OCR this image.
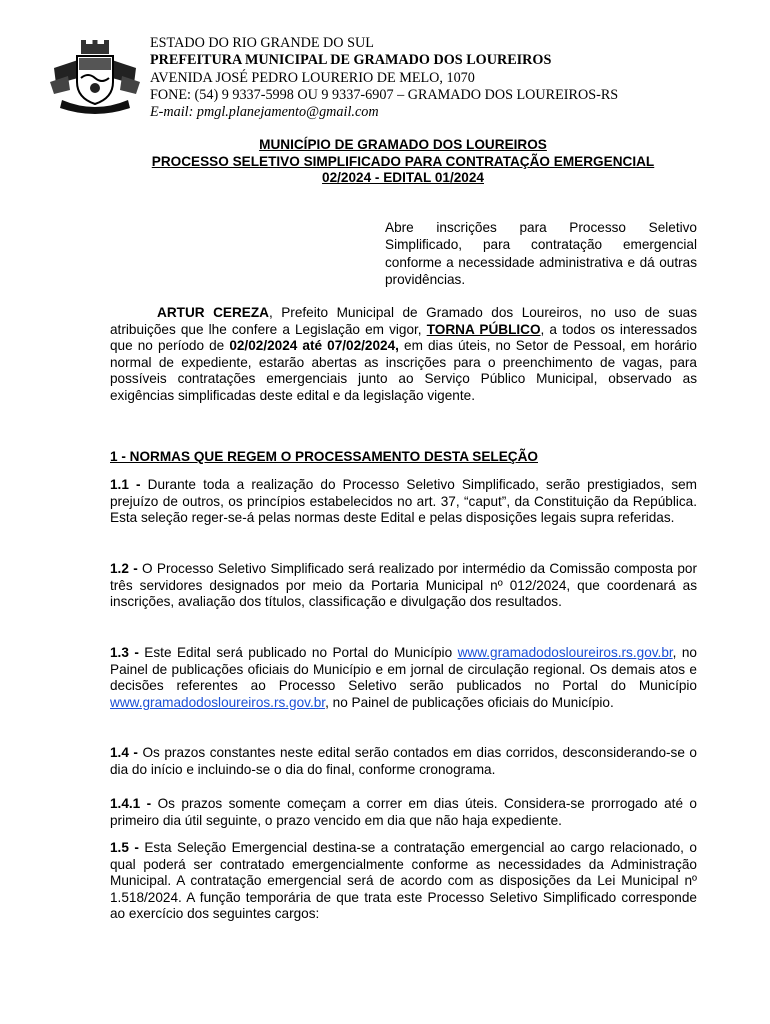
ESTADO DO RIO GRANDE DO SUL
PREFEITURA MUNICIPAL DE GRAMADO DOS LOUREIROS
AVENIDA JOSÉ PEDRO LOURERIO DE MELO, 1070
FONE: (54) 9 9337-5998 OU 9 9337-6907 – GRAMADO DOS LOUREIROS-RS
E-mail: pmgl.planejamento@gmail.com
MUNICÍPIO DE GRAMADO DOS LOUREIROS
PROCESSO SELETIVO SIMPLIFICADO PARA CONTRATAÇÃO EMERGENCIAL
02/2024 - EDITAL 01/2024
Abre inscrições para Processo Seletivo Simplificado, para contratação emergencial conforme a necessidade administrativa e dá outras providências.
ARTUR CEREZA, Prefeito Municipal de Gramado dos Loureiros, no uso de suas atribuições que lhe confere a Legislação em vigor, TORNA PÚBLICO, a todos os interessados que no período de 02/02/2024 até 07/02/2024, em dias úteis, no Setor de Pessoal, em horário normal de expediente, estarão abertas as inscrições para o preenchimento de vagas, para possíveis contratações emergenciais junto ao Serviço Público Municipal, observado as exigências simplificadas deste edital e da legislação vigente.
1 - NORMAS QUE REGEM O PROCESSAMENTO DESTA SELEÇÃO
1.1 - Durante toda a realização do Processo Seletivo Simplificado, serão prestigiados, sem prejuízo de outros, os princípios estabelecidos no art. 37, “caput”, da Constituição da República. Esta seleção reger-se-á pelas normas deste Edital e pelas disposições legais supra referidas.
1.2 - O Processo Seletivo Simplificado será realizado por intermédio da Comissão composta por três servidores designados por meio da Portaria Municipal nº 012/2024, que coordenará as inscrições, avaliação dos títulos, classificação e divulgação dos resultados.
1.3 - Este Edital será publicado no Portal do Município www.gramadodosloureiros.rs.gov.br, no Painel de publicações oficiais do Município e em jornal de circulação regional. Os demais atos e decisões referentes ao Processo Seletivo serão publicados no Portal do Município www.gramadodosloureiros.rs.gov.br, no Painel de publicações oficiais do Município.
1.4 - Os prazos constantes neste edital serão contados em dias corridos, desconsiderando-se o dia do início e incluindo-se o dia do final, conforme cronograma.
1.4.1 - Os prazos somente começam a correr em dias úteis. Considera-se prorrogado até o primeiro dia útil seguinte, o prazo vencido em dia que não haja expediente.
1.5 - Esta Seleção Emergencial destina-se a contratação emergencial ao cargo relacionado, o qual poderá ser contratado emergencialmente conforme as necessidades da Administração Municipal. A contratação emergencial será de acordo com as disposições da Lei Municipal nº 1.518/2024. A função temporária de que trata este Processo Seletivo Simplificado corresponde ao exercício dos seguintes cargos:
